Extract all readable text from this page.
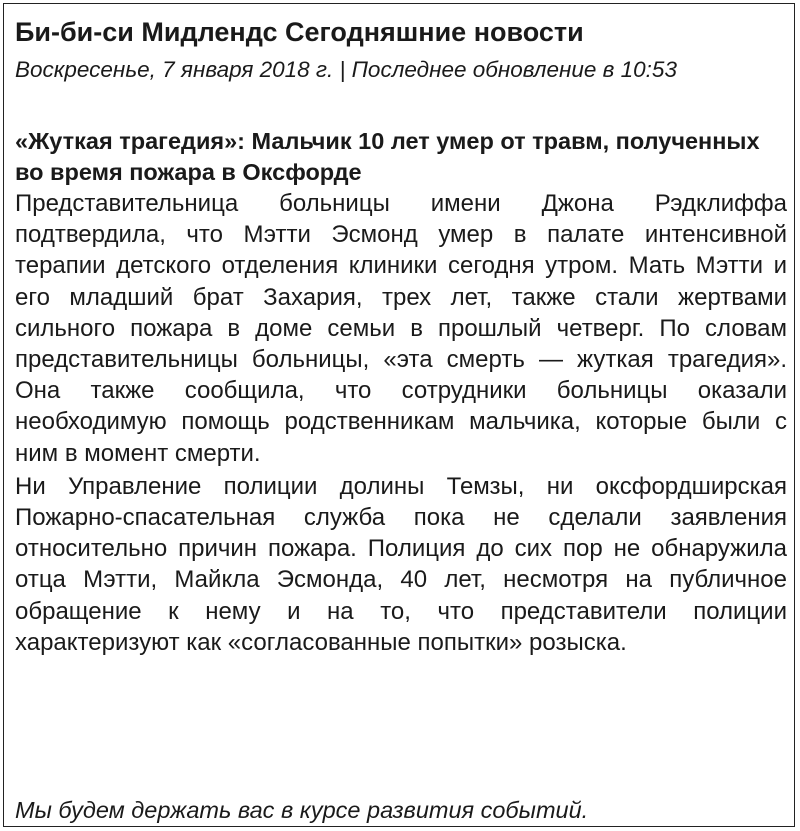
Би-би-си Мидлендс Сегодняшние новости

Воскресенье, 7 января 2018 г. | Последнее обновление в 10:53

«Жуткая трагедия»: Мальчик 10 лет умер от травм, полученных во время пожара в Оксфорде

Представительница больницы имени Джона Рэдклиффа подтвердила, что Мэтти Эсмонд умер в палате интенсивной терапии детского отделения клиники сегодня утром. Мать Мэтти и его младший брат Захария, трех лет, также стали жертвами сильного пожара в доме семьи в прошлый четверг. По словам представительницы больницы, «эта смерть — жуткая трагедия». Она также сообщила, что сотрудники больницы оказали необходимую помощь родственникам мальчика, которые были с ним в момент смерти.

Ни Управление полиции долины Темзы, ни оксфордширская Пожарно-спасательная служба пока не сделали заявления относительно причин пожара. Полиция до сих пор не обнаружила отца Мэтти, Майкла Эсмонда, 40 лет, несмотря на публичное обращение к нему и на то, что представители полиции характеризуют как «согласованные попытки» розыска.

Мы будем держать вас в курсе развития событий.
